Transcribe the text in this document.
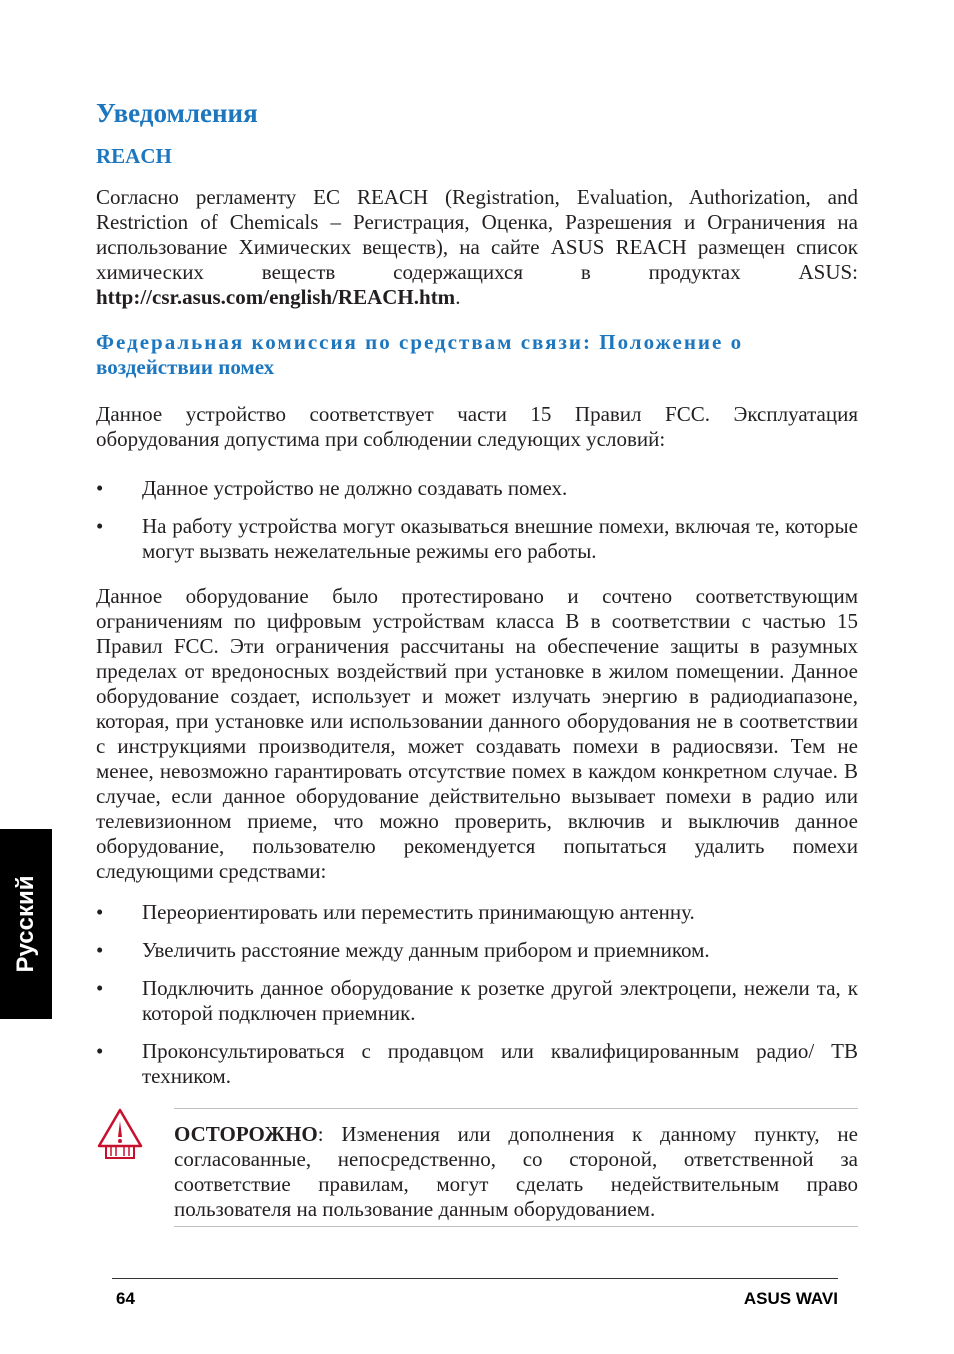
Уведомления
REACH

Согласно регламенту ЕС REACH (Registration, Evaluation, Authorization, and Restriction of Chemicals – Регистрация, Оценка, Разрешения и Ограничения на использование Химических веществ), на сайте ASUS REACH размещен список химических веществ содержащихся в продуктах ASUS: http://csr.asus.com/english/REACH.htm.

Федеральная комиссия по средствам связи: Положение о
воздействии помех

Данное устройство соответствует части 15 Правил FCC. Эксплуатация оборудования допустима при соблюдении следующих условий:

• Данное устройство не должно создавать помех.
• На работу устройства могут оказываться внешние помехи, включая те, которые могут вызвать нежелательные режимы его работы.

Данное оборудование было протестировано и сочтено соответствующим ограничениям по цифровым устройствам класса В в соответствии с частью 15 Правил FCC. Эти ограничения рассчитаны на обеспечение защиты в разумных пределах от вредоносных воздействий при установке в жилом помещении. Данное оборудование создает, использует и может излучать энергию в радиодиапазоне, которая, при установке или использовании данного оборудования не в соответствии с инструкциями производителя, может создавать помехи в радиосвязи. Тем не менее, невозможно гарантировать отсутствие помех в каждом конкретном случае. В случае, если данное оборудование действительно вызывает помехи в радио или телевизионном приеме, что можно проверить, включив и выключив данное оборудование, пользователю рекомендуется попытаться удалить помехи следующими средствами:

• Переориентировать или переместить принимающую антенну.
• Увеличить расстояние между данным прибором и приемником.
• Подключить данное оборудование к розетке другой электроцепи, нежели та, к которой подключен приемник.
• Проконсультироваться с продавцом или квалифицированным радио/ ТВ техником.

ОСТОРОЖНО: Изменения или дополнения к данному пункту, не согласованные, непосредственно, со стороной, ответственной за соответствие правилам, могут сделать недействительным право пользователя на пользование данным оборудованием.

Русский
64	ASUS WAVI
